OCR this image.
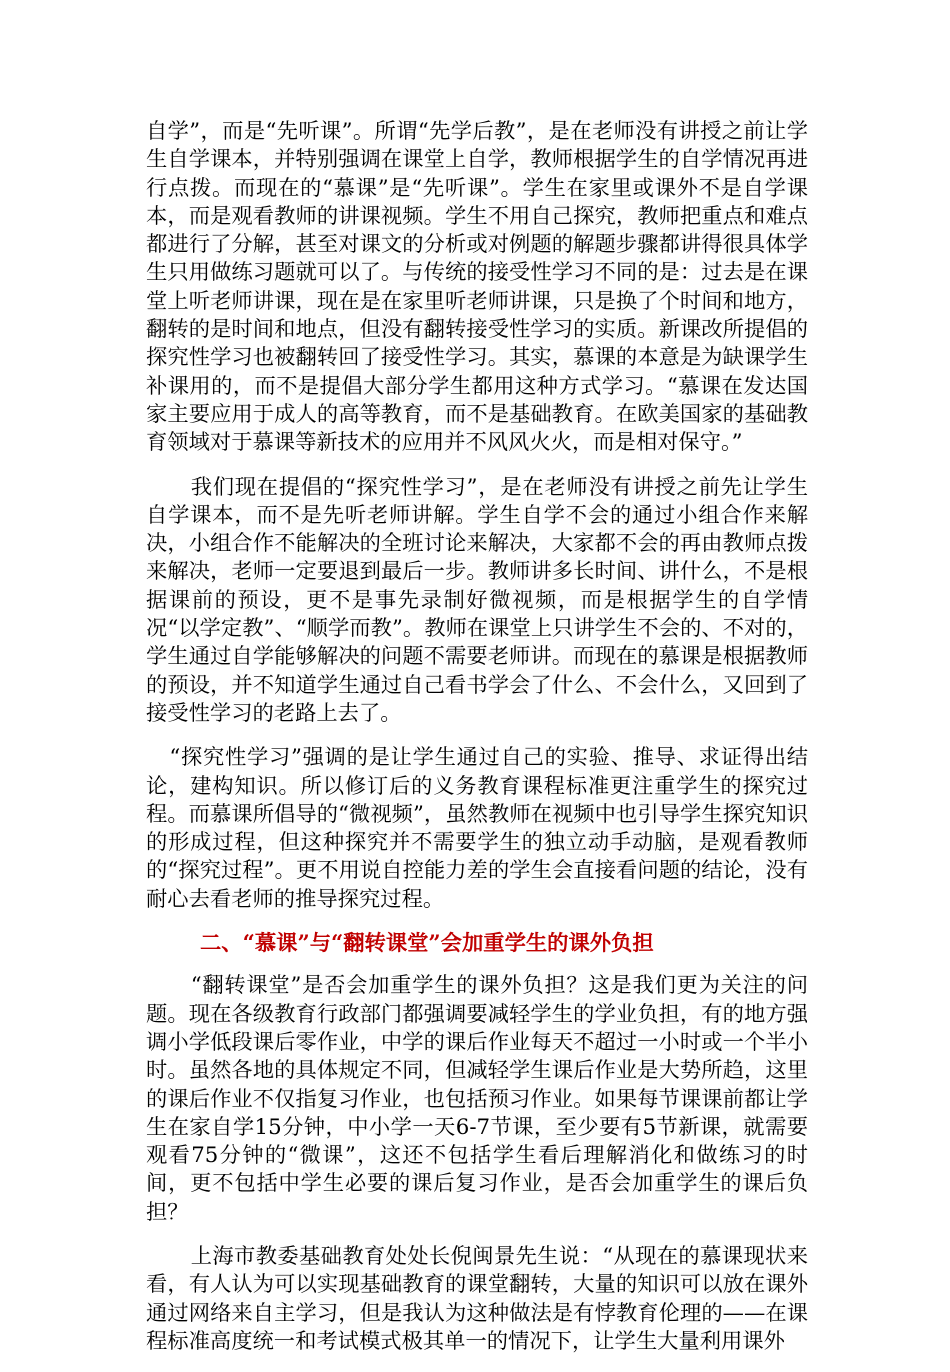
自学”，而是“先听课”。所谓“先学后教”，是在老师没有讲授之前让学生自学课本，并特别强调在课堂上自学，教师根据学生的自学情况再进行点拨。而现在的“慕课”是“先听课”。学生在家里或课外不是自学课本，而是观看教师的讲课视频。学生不用自己探究，教师把重点和难点都进行了分解，甚至对课文的分析或对例题的解题步骤都讲得很具体学生只用做练习题就可以了。与传统的接受性学习不同的是：过去是在课堂上听老师讲课，现在是在家里听老师讲课，只是换了个时间和地方，翻转的是时间和地点，但没有翻转接受性学习的实质。新课改所提倡的探究性学习也被翻转回了接受性学习。其实，慕课的本意是为缺课学生补课用的，而不是提倡大部分学生都用这种方式学习。“慕课在发达国家主要应用于成人的高等教育，而不是基础教育。在欧美国家的基础教育领域对于慕课等新技术的应用并不风风火火，而是相对保守。”

我们现在提倡的“探究性学习”，是在老师没有讲授之前先让学生自学课本，而不是先听老师讲解。学生自学不会的通过小组合作来解决，小组合作不能解决的全班讨论来解决，大家都不会的再由教师点拨来解决，老师一定要退到最后一步。教师讲多长时间、讲什么，不是根据课前的预设，更不是事先录制好微视频，而是根据学生的自学情况“以学定教”、“顺学而教”。教师在课堂上只讲学生不会的、不对的，学生通过自学能够解决的问题不需要老师讲。而现在的慕课是根据教师的预设，并不知道学生通过自己看书学会了什么、不会什么，又回到了接受性学习的老路上去了。

“探究性学习”强调的是让学生通过自己的实验、推导、求证得出结论，建构知识。所以修订后的义务教育课程标准更注重学生的探究过程。而慕课所倡导的“微视频”，虽然教师在视频中也引导学生探究知识的形成过程，但这种探究并不需要学生的独立动手动脑，是观看教师的“探究过程”。更不用说自控能力差的学生会直接看问题的结论，没有耐心去看老师的推导探究过程。

二、“慕课”与“翻转课堂”会加重学生的课外负担

“翻转课堂”是否会加重学生的课外负担？这是我们更为关注的问题。现在各级教育行政部门都强调要减轻学生的学业负担，有的地方强调小学低段课后零作业，中学的课后作业每天不超过一小时或一个半小时。虽然各地的具体规定不同，但减轻学生课后作业是大势所趋，这里的课后作业不仅指复习作业，也包括预习作业。如果每节课课前都让学生在家自学15分钟，中小学一天6-7节课，至少要有5节新课，就需要观看75分钟的“微课”，这还不包括学生看后理解消化和做练习的时间，更不包括中学生必要的课后复习作业，是否会加重学生的课后负担？

上海市教委基础教育处处长倪闽景先生说：“从现在的慕课现状来看，有人认为可以实现基础教育的课堂翻转，大量的知识可以放在课外通过网络来自主学习，但是我认为这种做法是有悖教育伦理的——在课程标准高度统一和考试模式极其单一的情况下，让学生大量利用课外
